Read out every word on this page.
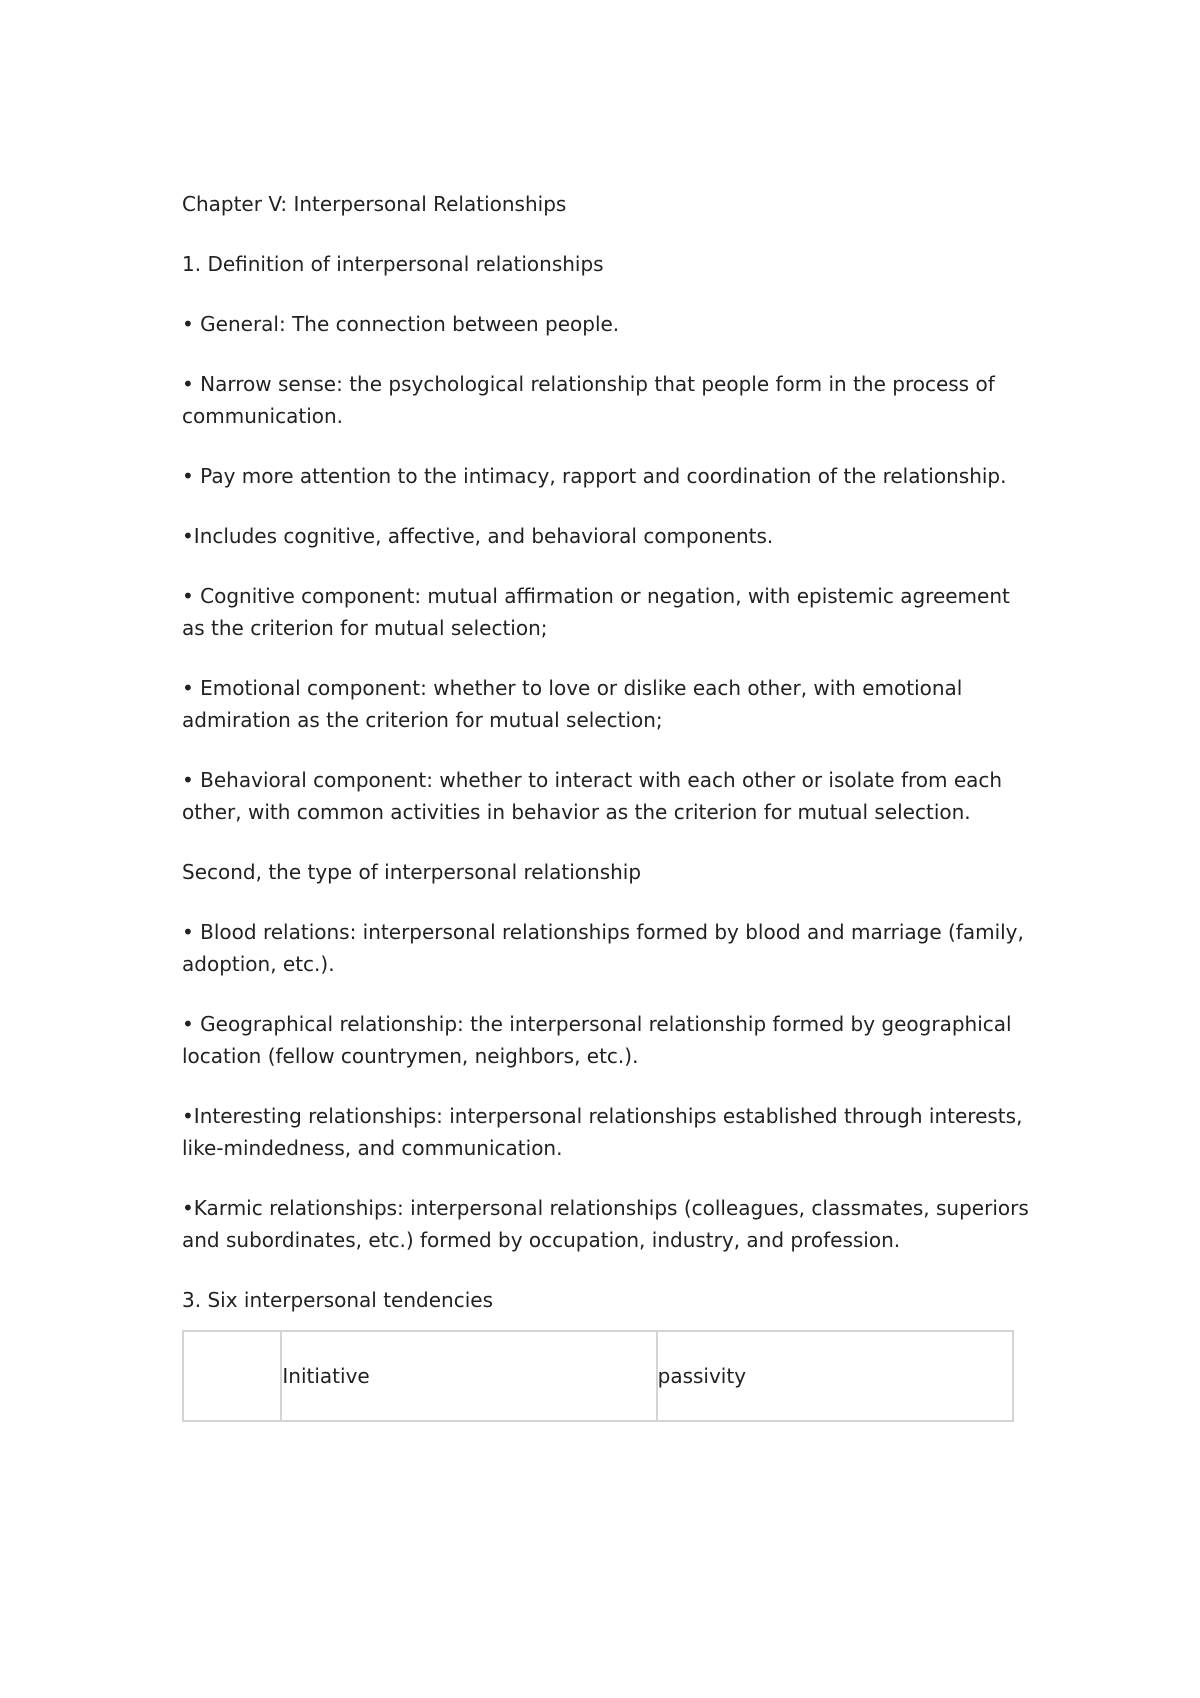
Chapter V: Interpersonal Relationships

1. Definition of interpersonal relationships

• General: The connection between people.

• Narrow sense: the psychological relationship that people form in the process of communication.

• Pay more attention to the intimacy, rapport and coordination of the relationship.

•Includes cognitive, affective, and behavioral components.

• Cognitive component: mutual affirmation or negation, with epistemic agreement as the criterion for mutual selection;

• Emotional component: whether to love or dislike each other, with emotional admiration as the criterion for mutual selection;

• Behavioral component: whether to interact with each other or isolate from each other, with common activities in behavior as the criterion for mutual selection.

Second, the type of interpersonal relationship

• Blood relations: interpersonal relationships formed by blood and marriage (family, adoption, etc.).

• Geographical relationship: the interpersonal relationship formed by geographical location (fellow countrymen, neighbors, etc.).

•Interesting relationships: interpersonal relationships established through interests, like-mindedness, and communication.

•Karmic relationships: interpersonal relationships (colleagues, classmates, superiors and subordinates, etc.) formed by occupation, industry, and profession.

3. Six interpersonal tendencies

	Initiative	passivity
